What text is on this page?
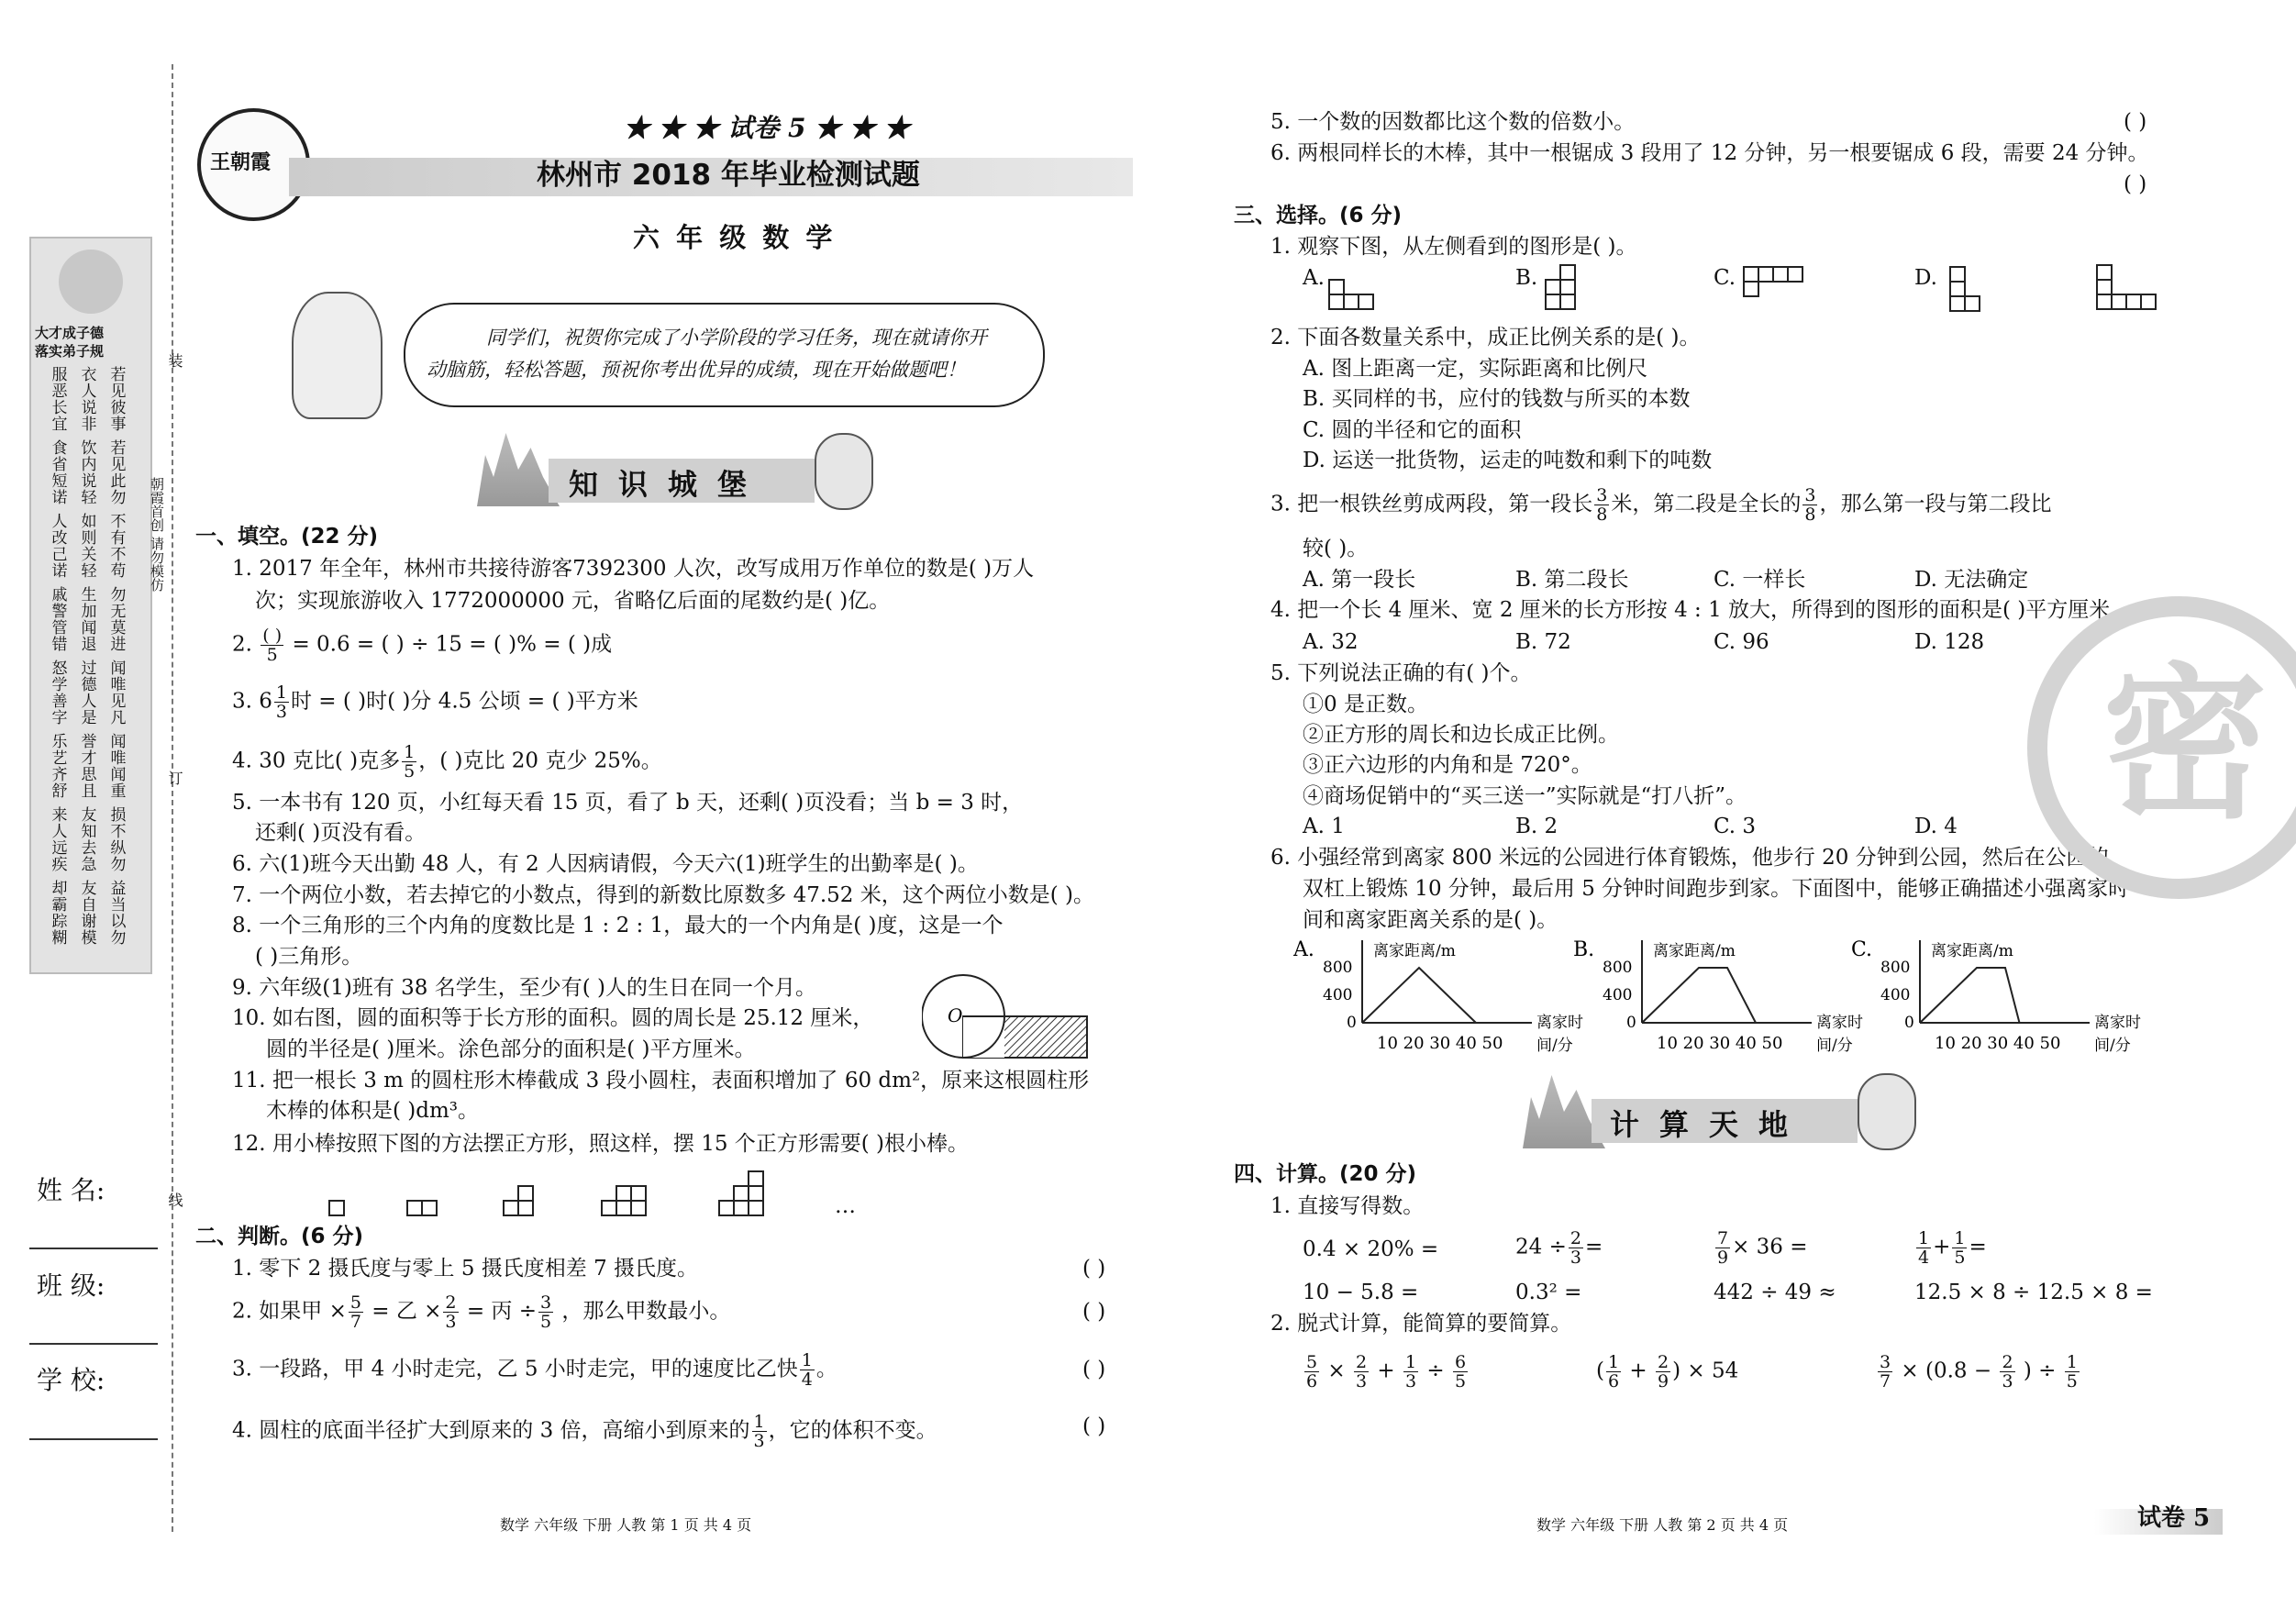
大才成子德
落实弟子规
若见彼事
衣人说非
服恶长宜
若见此勿
饮内说轻
食省短诺
不有不苟
如则关轻
人改己诺
勿无莫进
生加闻退
戚警管错
闻唯见凡
过德人是
怒学善字
闻唯闻重
誉才思且
乐艺齐舒
损不纵勿
友知去急
来人远疾
益当以勿
友自谢模
却霸踪糊
装
订
线
朝霞首创 请勿模仿
姓 名:
班 级:
学 校:
王朝霞
★ ★ ★ 试卷 5 ★ ★ ★
林州市 2018 年毕业检测试题
六 年 级 数 学
同学们，祝贺你完成了小学阶段的学习任务，现在就请你开
动脑筋，轻松答题，预祝你考出优异的成绩，现在开始做题吧！
知识城堡
一、填空。(22 分)
1. 2017 年全年，林州市共接待游客7392300 人次，改写成用万作单位的数是( )万人
次；实现旅游收入 1772000000 元，省略亿后面的尾数约是( )亿。
2. $\frac{( )}{5} = 0.6$ = ( ) ÷ 15 = ( )% = ( )成
3. $6 \frac{1}{3}$ 时 = ( )时( )分 4.5 公顷 = ( )平方米
4. 30 克比( )克多 $\frac{1}{5}$ ，( )克比 20 克少 25%。
5. 一本书有 120 页，小红每天看 15 页，看了 b 天，还剩( )页没看；当 b = 3 时，
还剩( )页没有看。
6. 六(1)班今天出勤 48 人，有 2 人因病请假，今天六(1)班学生的出勤率是( )。
7. 一个两位小数，若去掉它的小数点，得到的新数比原数多 47.52 米，这个两位小数是( )。
8. 一个三角形的三个内角的度数比是 1 : 2 : 1，最大的一个内角是( )度，这是一个
( )三角形。
9. 六年级(1)班有 38 名学生，至少有( )人的生日在同一个月。
10. 如右图，圆的面积等于长方形的面积。圆的周长是 25.12 厘米，
圆的半径是( )厘米。涂色部分的面积是( )平方厘米。
O
11. 把一根长 3 m 的圆柱形木棒截成 3 段小圆柱，表面积增加了 60 dm²，原来这根圆柱形
木棒的体积是( )dm³。
12. 用小棒按照下图的方法摆正方形，照这样，摆 15 个正方形需要( )根小棒。
…
二、判断。(6 分)
1. 零下 2 摄氏度与零上 5 摄氏度相差 7 摄氏度。	( )
2. 如果甲 × $\frac{5}{7}$ = 乙 × $\frac{2}{3}$ = 丙 ÷ $\frac{3}{5}$ ，那么甲数最小。	( )
3. 一段路，甲 4 小时走完，乙 5 小时走完，甲的速度比乙快 $\frac{1}{4}$ 。	( )
4. 圆柱的底面半径扩大到原来的 3 倍，高缩小到原来的 $\frac{1}{3}$ ，它的体积不变。	( )
数学 六年级 下册 人教 第 1 页 共 4 页
5. 一个数的因数都比这个数的倍数小。	( )
6. 两根同样长的木棒，其中一根锯成 3 段用了 12 分钟，另一根要锯成 6 段，需要 24 分钟。
( )
三、选择。(6 分)
1. 观察下图，从左侧看到的图形是( )。
A.	B.	C.	D.
2. 下面各数量关系中，成正比例关系的是( )。
A. 图上距离一定，实际距离和比例尺
B. 买同样的书，应付的钱数与所买的本数
C. 圆的半径和它的面积
D. 运送一批货物，运走的吨数和剩下的吨数
3. 把一根铁丝剪成两段，第一段长 $\frac{3}{8}$ 米，第二段是全长的 $\frac{3}{8}$ ，那么第一段与第二段比
较( )。
A. 第一段长	B. 第二段长	C. 一样长	D. 无法确定
4. 把一个长 4 厘米、宽 2 厘米的长方形按 4 : 1 放大，所得到的图形的面积是( )平方厘米。
A. 32	B. 72	C. 96	D. 128
5. 下列说法正确的有( )个。
①0 是正数。
②正方形的周长和边长成正比例。
③正六边形的内角和是 720°。
④商场促销中的“买三送一”实际就是“打八折”。
A. 1	B. 2	C. 3	D. 4
6. 小强经常到离家 800 米远的公园进行体育锻炼，他步行 20 分钟到公园，然后在公园的
双杠上锻炼 10 分钟，最后用 5 分钟时间跑步到家。下面图中，能够正确描述小强离家时
间和离家距离关系的是( )。
A.	离家距离/m
800
400
0
10 20 30 40 50
离家时
间/分
B.	离家距离/m
800
400
0
10 20 30 40 50
离家时
间/分
C.	离家距离/m
800
400
0
10 20 30 40 50
离家时
间/分
计算天地
四、计算。(20 分)
1. 直接写得数。
0.4 × 20% =	$24 \div \frac{2}{3}$ =	$\frac{7}{9} \times 36$ =	$\frac{1}{4} + \frac{1}{5}$ =
10 − 5.8 =	0.3² =	442 ÷ 49 ≈	12.5 × 8 ÷ 12.5 × 8 =
2. 脱式计算，能简算的要简算。
$\frac{5}{6} \times \frac{2}{3} + \frac{1}{3} \div \frac{6}{5}$	( $\frac{1}{6} + \frac{2}{9}$ ) × 54	$\frac{3}{7} \times (0.8 - \frac{2}{3}$ ) ÷ $\frac{1}{5}$
数学 六年级 下册 人教 第 2 页 共 4 页	试卷 5
密
